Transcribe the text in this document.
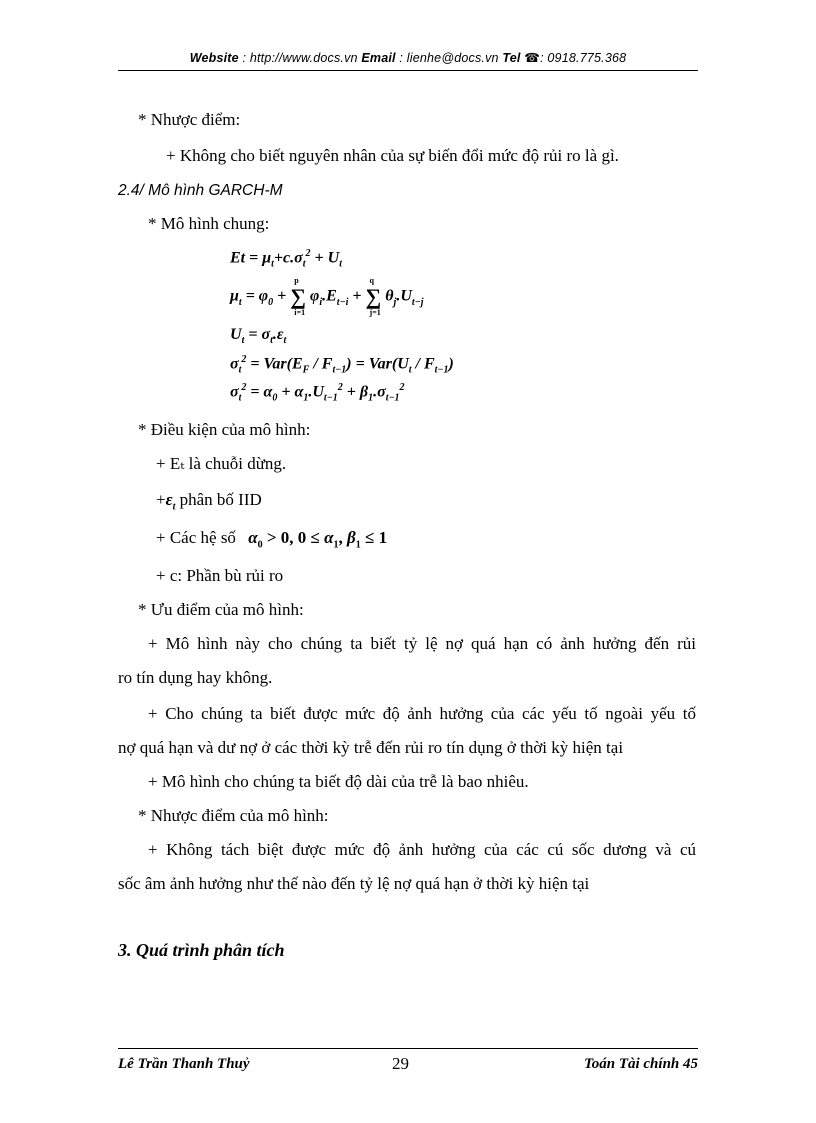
Website : http://www.docs.vn Email : lienhe@docs.vn Tel ☎: 0918.775.368
* Nhược điểm:
+ Không cho biết nguyên nhân của sự biến đổi mức độ rủi ro là gì.
2.4/ Mô hình GARCH-M
* Mô hình chung:
$Et = \mu_t+c.\sigma_t^2 + U_t$
$\mu_t = \varphi_0$ + ∑
p
i=1
$\varphi_i.E_{t-i}$ + ∑
q
j=1
$\theta_j.U_{t-j}$
$U_t = \sigma_t.\varepsilon_t$
$\sigma_t^2 = Var(E_F / F_{t-1}) = Var(U_t / F_{t-1})$
$\sigma_t^2 = \alpha_0 + \alpha_1.U_{t-1}^2 + \beta_1.\sigma_{t-1}^2$
* Điều kiện của mô hình:
+ Eₜ là chuỗi dừng.
$+\varepsilon_t$ phân bố IID
+ Các hệ số $\alpha_0 > 0$, $0 \le \alpha_1$, $\beta_1 \le 1$
+ c: Phần bù rủi ro
* Ưu điểm của mô hình:
+ Mô hình này cho chúng ta biết tỷ lệ nợ quá hạn có ảnh hưởng đến rủi
ro tín dụng hay không.
+ Cho chúng ta biết được mức độ ảnh hưởng của các yếu tố ngoài yếu tố
nợ quá hạn và dư nợ ở các thời kỳ trễ đến rủi ro tín dụng ở thời kỳ hiện tại
+ Mô hình cho chúng ta biết độ dài của trễ là bao nhiêu.
* Nhược điểm của mô hình:
+ Không tách biệt được mức độ ảnh hưởng của các cú sốc dương và cú
sốc âm ảnh hưởng như thế nào đến tỷ lệ nợ quá hạn ở thời kỳ hiện tại
3. Quá trình phân tích
Lê Trần Thanh Thuỷ	29	Toán Tài chính 45
